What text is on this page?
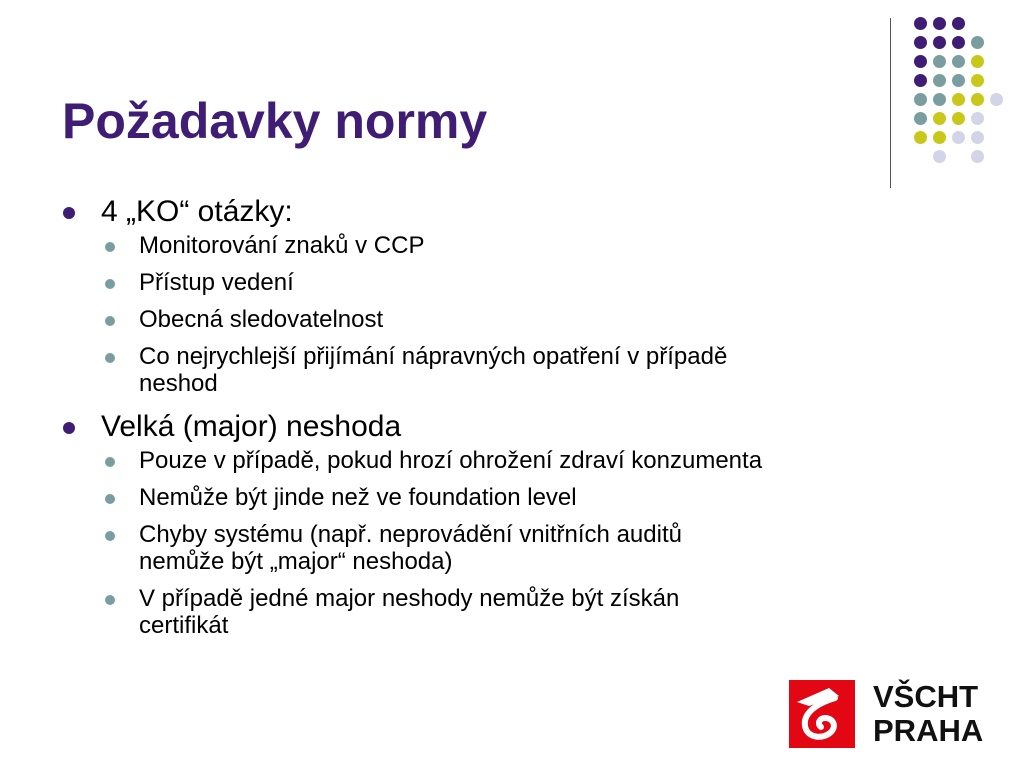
Požadavky normy
4 „KO“ otázky:
Monitorování znaků v CCP
Přístup vedení
Obecná sledovatelnost
Co nejrychlejší přijímání nápravných opatření v případě
neshod
Velká (major) neshoda
Pouze v případě, pokud hrozí ohrožení zdraví konzumenta
Nemůže být jinde než ve foundation level
Chyby systému (např. neprovádění vnitřních auditů
nemůže být „major“ neshoda)
V případě jedné major neshody nemůže být získán
certifikát
VŠCHT
PRAHA
